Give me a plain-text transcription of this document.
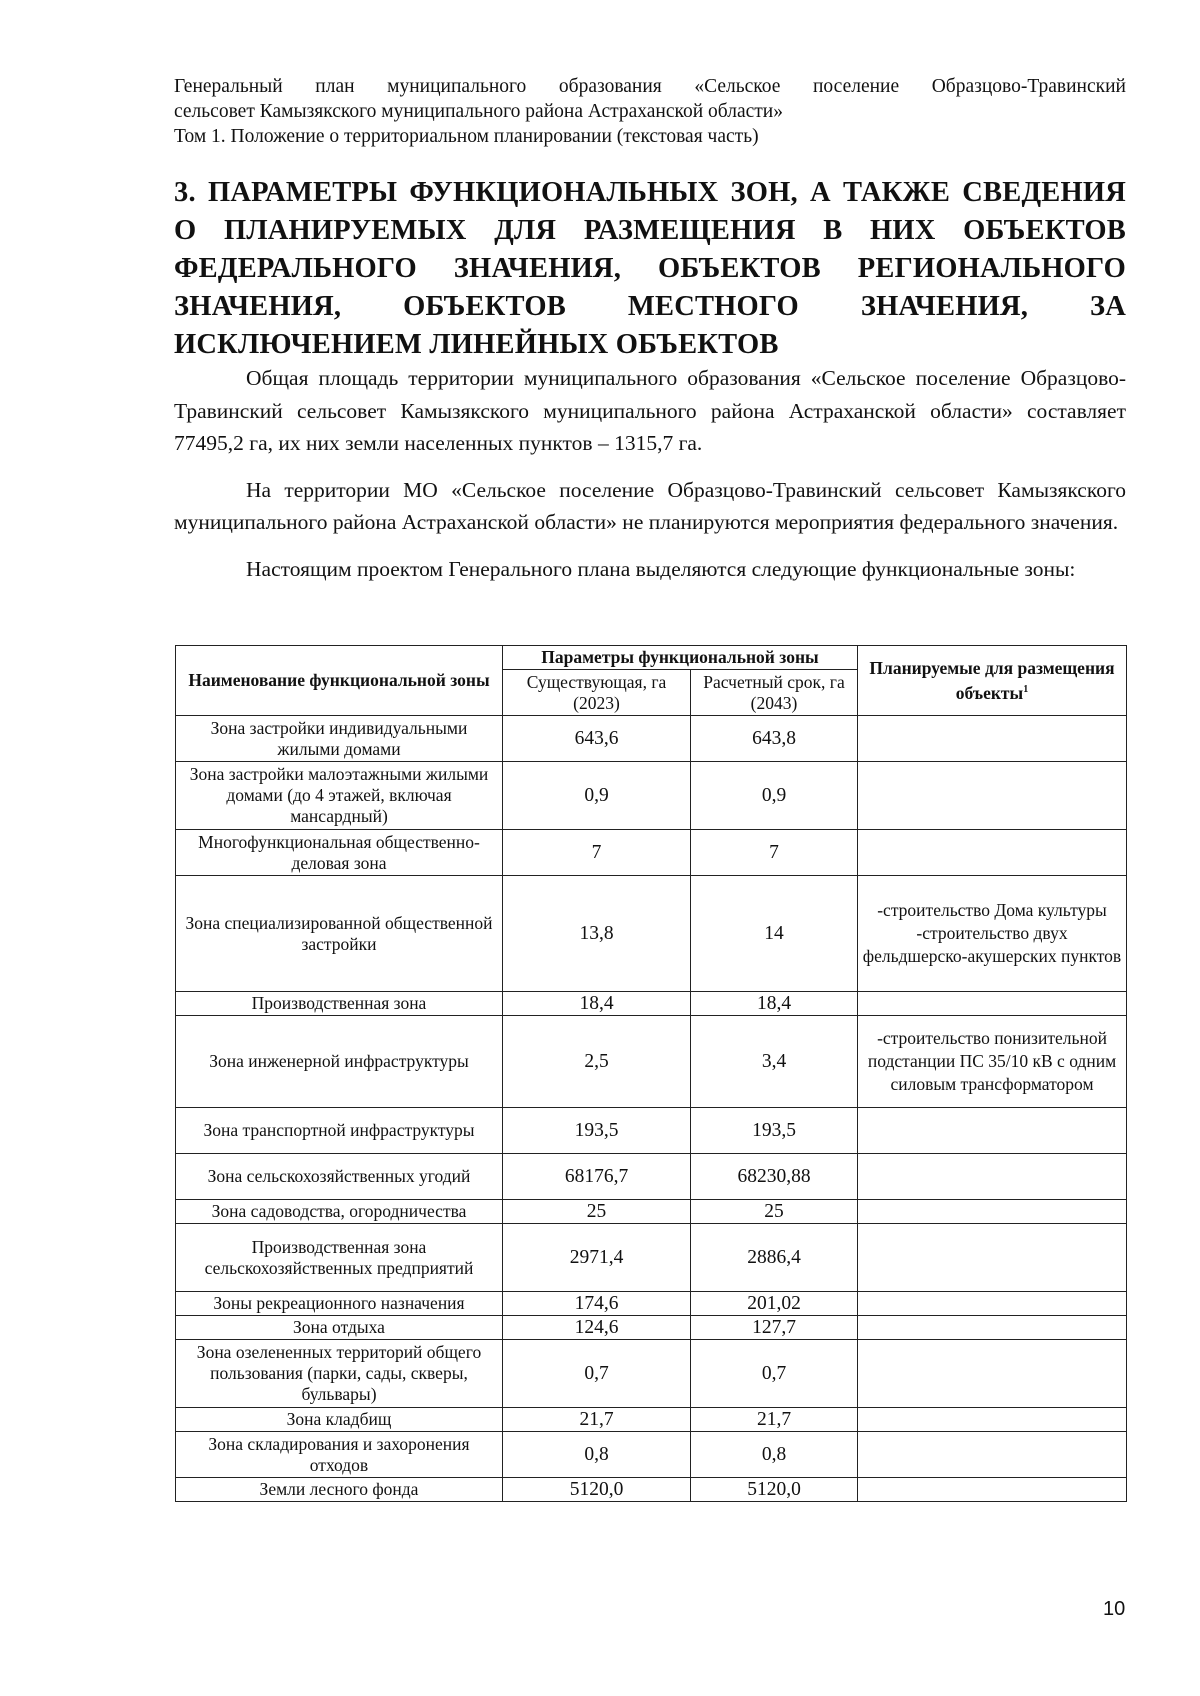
Генеральный план муниципального образования «Сельское поселение Образцово-Травинский
сельсовет Камызякского муниципального района Астраханской области»
Том 1. Положение о территориальном планировании (текстовая часть)
3. ПАРАМЕТРЫ ФУНКЦИОНАЛЬНЫХ ЗОН, А ТАКЖЕ СВЕДЕНИЯ О ПЛАНИРУЕМЫХ ДЛЯ РАЗМЕЩЕНИЯ В НИХ ОБЪЕКТОВ ФЕДЕРАЛЬНОГО ЗНАЧЕНИЯ, ОБЪЕКТОВ РЕГИОНАЛЬНОГО ЗНАЧЕНИЯ, ОБЪЕКТОВ МЕСТНОГО ЗНАЧЕНИЯ, ЗА ИСКЛЮЧЕНИЕМ ЛИНЕЙНЫХ ОБЪЕКТОВ

Общая площадь территории муниципального образования «Сельское поселение Образцово-Травинский сельсовет Камызякского муниципального района Астраханской области» составляет 77495,2 га, их них земли населенных пунктов – 1315,7 га.

На территории МО «Сельское поселение Образцово-Травинский сельсовет Камызякского муниципального района Астраханской области» не планируются мероприятия федерального значения.

Настоящим проектом Генерального плана выделяются следующие функциональные зоны:

Наименование функциональной зоны	Параметры функциональной зоны		Планируемые для размещения объекты$^1$
	Существующая, га (2023)	Расчетный срок, га (2043)	
Зона застройки индивидуальными жилыми домами	643,6	643,8	
Зона застройки малоэтажными жилыми домами (до 4 этажей, включая мансардный)	0,9	0,9	
Многофункциональная общественно-деловая зона	7	7	
Зона специализированной общественной застройки	13,8	14	-строительство Дома культуры -строительство двух фельдшерско-акушерских пунктов
Производственная зона	18,4	18,4	
Зона инженерной инфраструктуры	2,5	3,4	-строительство понизительной подстанции ПС 35/10 кВ с одним силовым трансформатором
Зона транспортной инфраструктуры	193,5	193,5	
Зона сельскохозяйственных угодий	68176,7	68230,88	
Зона садоводства, огородничества	25	25	
Производственная зона сельскохозяйственных предприятий	2971,4	2886,4	
Зоны рекреационного назначения	174,6	201,02	
Зона отдыха	124,6	127,7	
Зона озелененных территорий общего пользования (парки, сады, скверы, бульвары)	0,7	0,7	
Зона кладбищ	21,7	21,7	
Зона складирования и захоронения отходов	0,8	0,8	
Земли лесного фонда	5120,0	5120,0	
10
